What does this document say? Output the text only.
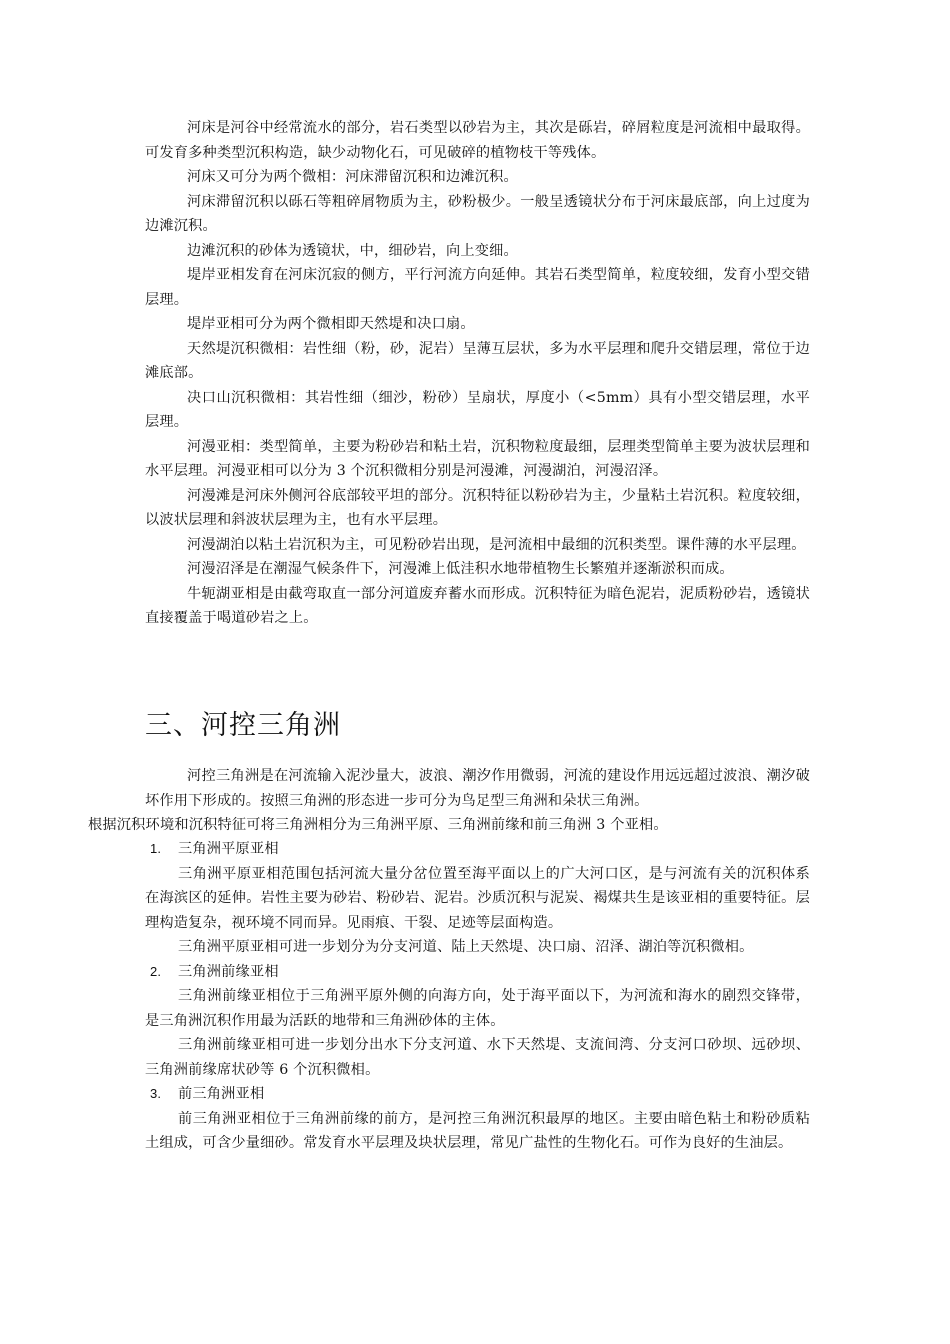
河床是河谷中经常流水的部分，岩石类型以砂岩为主，其次是砾岩，碎屑粒度是河流相中最取得。可发育多种类型沉积构造，缺少动物化石，可见破碎的植物枝干等残体。

河床又可分为两个微相：河床滞留沉积和边滩沉积。

河床滞留沉积以砾石等粗碎屑物质为主，砂粉极少。一般呈透镜状分布于河床最底部，向上过度为边滩沉积。

边滩沉积的砂体为透镜状，中，细砂岩，向上变细。

堤岸亚相发育在河床沉寂的侧方，平行河流方向延伸。其岩石类型简单，粒度较细，发育小型交错层理。

堤岸亚相可分为两个微相即天然堤和决口扇。

天然堤沉积微相：岩性细（粉，砂，泥岩）呈薄互层状，多为水平层理和爬升交错层理，常位于边滩底部。

决口山沉积微相：其岩性细（细沙，粉砂）呈扇状，厚度小（<5mm）具有小型交错层理，水平层理。

河漫亚相：类型简单，主要为粉砂岩和粘土岩，沉积物粒度最细，层理类型简单主要为波状层理和水平层理。河漫亚相可以分为 3 个沉积微相分别是河漫滩，河漫湖泊，河漫沼泽。

河漫滩是河床外侧河谷底部较平坦的部分。沉积特征以粉砂岩为主，少量粘土岩沉积。粒度较细，以波状层理和斜波状层理为主，也有水平层理。

河漫湖泊以粘土岩沉积为主，可见粉砂岩出现，是河流相中最细的沉积类型。课件薄的水平层理。

河漫沼泽是在潮湿气候条件下，河漫滩上低洼积水地带植物生长繁殖并逐渐淤积而成。

牛轭湖亚相是由截弯取直一部分河道废弃蓄水而形成。沉积特征为暗色泥岩，泥质粉砂岩，透镜状直接覆盖于喝道砂岩之上。

三、河控三角洲

河控三角洲是在河流输入泥沙量大，波浪、潮汐作用微弱，河流的建设作用远远超过波浪、潮汐破坏作用下形成的。按照三角洲的形态进一步可分为鸟足型三角洲和朵状三角洲。

根据沉积环境和沉积特征可将三角洲相分为三角洲平原、三角洲前缘和前三角洲 3 个亚相。

1. 三角洲平原亚相

三角洲平原亚相范围包括河流大量分岔位置至海平面以上的广大河口区，是与河流有关的沉积体系在海滨区的延伸。岩性主要为砂岩、粉砂岩、泥岩。沙质沉积与泥炭、褐煤共生是该亚相的重要特征。层理构造复杂，视环境不同而异。见雨痕、干裂、足迹等层面构造。

三角洲平原亚相可进一步划分为分支河道、陆上天然堤、决口扇、沼泽、湖泊等沉积微相。

2. 三角洲前缘亚相

三角洲前缘亚相位于三角洲平原外侧的向海方向，处于海平面以下，为河流和海水的剧烈交锋带，是三角洲沉积作用最为活跃的地带和三角洲砂体的主体。

三角洲前缘亚相可进一步划分出水下分支河道、水下天然堤、支流间湾、分支河口砂坝、远砂坝、三角洲前缘席状砂等 6 个沉积微相。

3. 前三角洲亚相

前三角洲亚相位于三角洲前缘的前方，是河控三角洲沉积最厚的地区。主要由暗色粘土和粉砂质粘土组成，可含少量细砂。常发育水平层理及块状层理，常见广盐性的生物化石。可作为良好的生油层。
